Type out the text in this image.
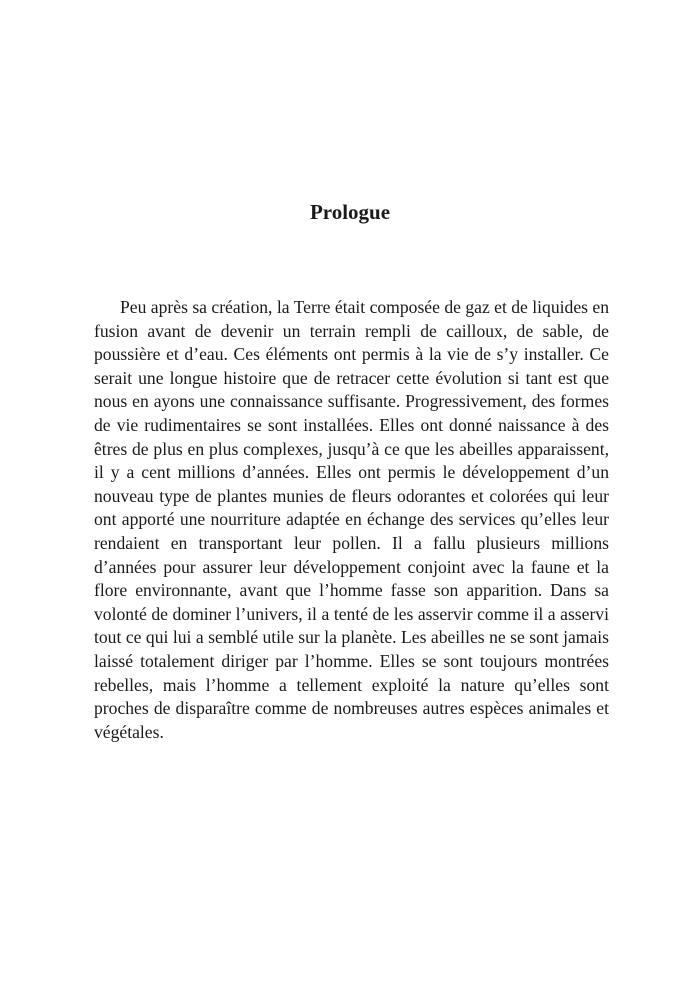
Prologue

Peu après sa création, la Terre était composée de gaz et de liquides en fusion avant de devenir un terrain rempli de cailloux, de sable, de poussière et d’eau. Ces éléments ont permis à la vie de s’y installer. Ce serait une longue histoire que de retracer cette évolution si tant est que nous en ayons une connaissance suffisante. Progressivement, des formes de vie rudimentaires se sont installées. Elles ont donné naissance à des êtres de plus en plus complexes, jusqu’à ce que les abeilles apparaissent, il y a cent millions d’années. Elles ont permis le développement d’un nouveau type de plantes munies de fleurs odorantes et colorées qui leur ont apporté une nourriture adaptée en échange des services qu’elles leur rendaient en transportant leur pollen. Il a fallu plusieurs millions d’années pour assurer leur développement conjoint avec la faune et la flore environnante, avant que l’homme fasse son apparition. Dans sa volonté de dominer l’univers, il a tenté de les asservir comme il a asservi tout ce qui lui a semblé utile sur la planète. Les abeilles ne se sont jamais laissé totalement diriger par l’homme. Elles se sont toujours montrées rebelles, mais l’homme a tellement exploité la nature qu’elles sont proches de disparaître comme de nombreuses autres espèces animales et végétales.
